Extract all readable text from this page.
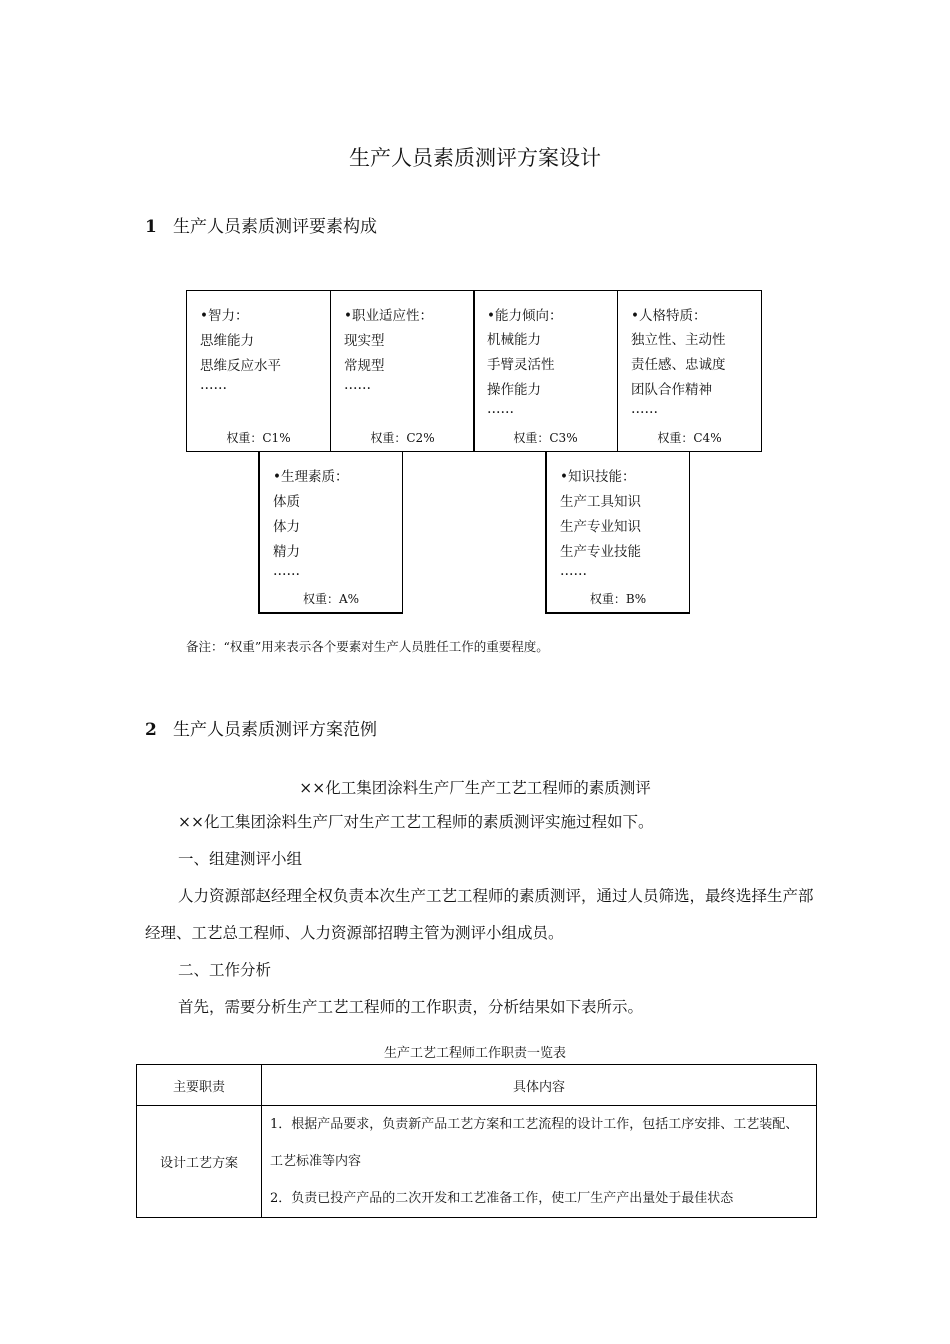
生产人员素质测评方案设计
1 生产人员素质测评要素构成
•智力：
思维能力
思维反应水平
……
权重：C1%
•职业适应性：
现实型
常规型
……
权重：C2%
•能力倾向：
机械能力
手臂灵活性
操作能力
……
权重：C3%
•人格特质：
独立性、主动性
责任感、忠诚度
团队合作精神
……
权重：C4%
•生理素质：
体质
体力
精力
……
权重：A%
•知识技能：
生产工具知识
生产专业知识
生产专业技能
……
权重：B%
备注：“权重”用来表示各个要素对生产人员胜任工作的重要程度。
2 生产人员素质测评方案范例
××化工集团涂料生产厂生产工艺工程师的素质测评
××化工集团涂料生产厂对生产工艺工程师的素质测评实施过程如下。
一、组建测评小组
人力资源部赵经理全权负责本次生产工艺工程师的素质测评，通过人员筛选，最终选择生产部经理、工艺总工程师、人力资源部招聘主管为测评小组成员。
二、工作分析
首先，需要分析生产工艺工程师的工作职责，分析结果如下表所示。
生产工艺工程师工作职责一览表
主要职责	具体内容
设计工艺方案	1．根据产品要求，负责新产品工艺方案和工艺流程的设计工作，包括工序安排、工艺装配、工艺标准等内容
2．负责已投产产品的二次开发和工艺准备工作，使工厂生产产出量处于最佳状态
